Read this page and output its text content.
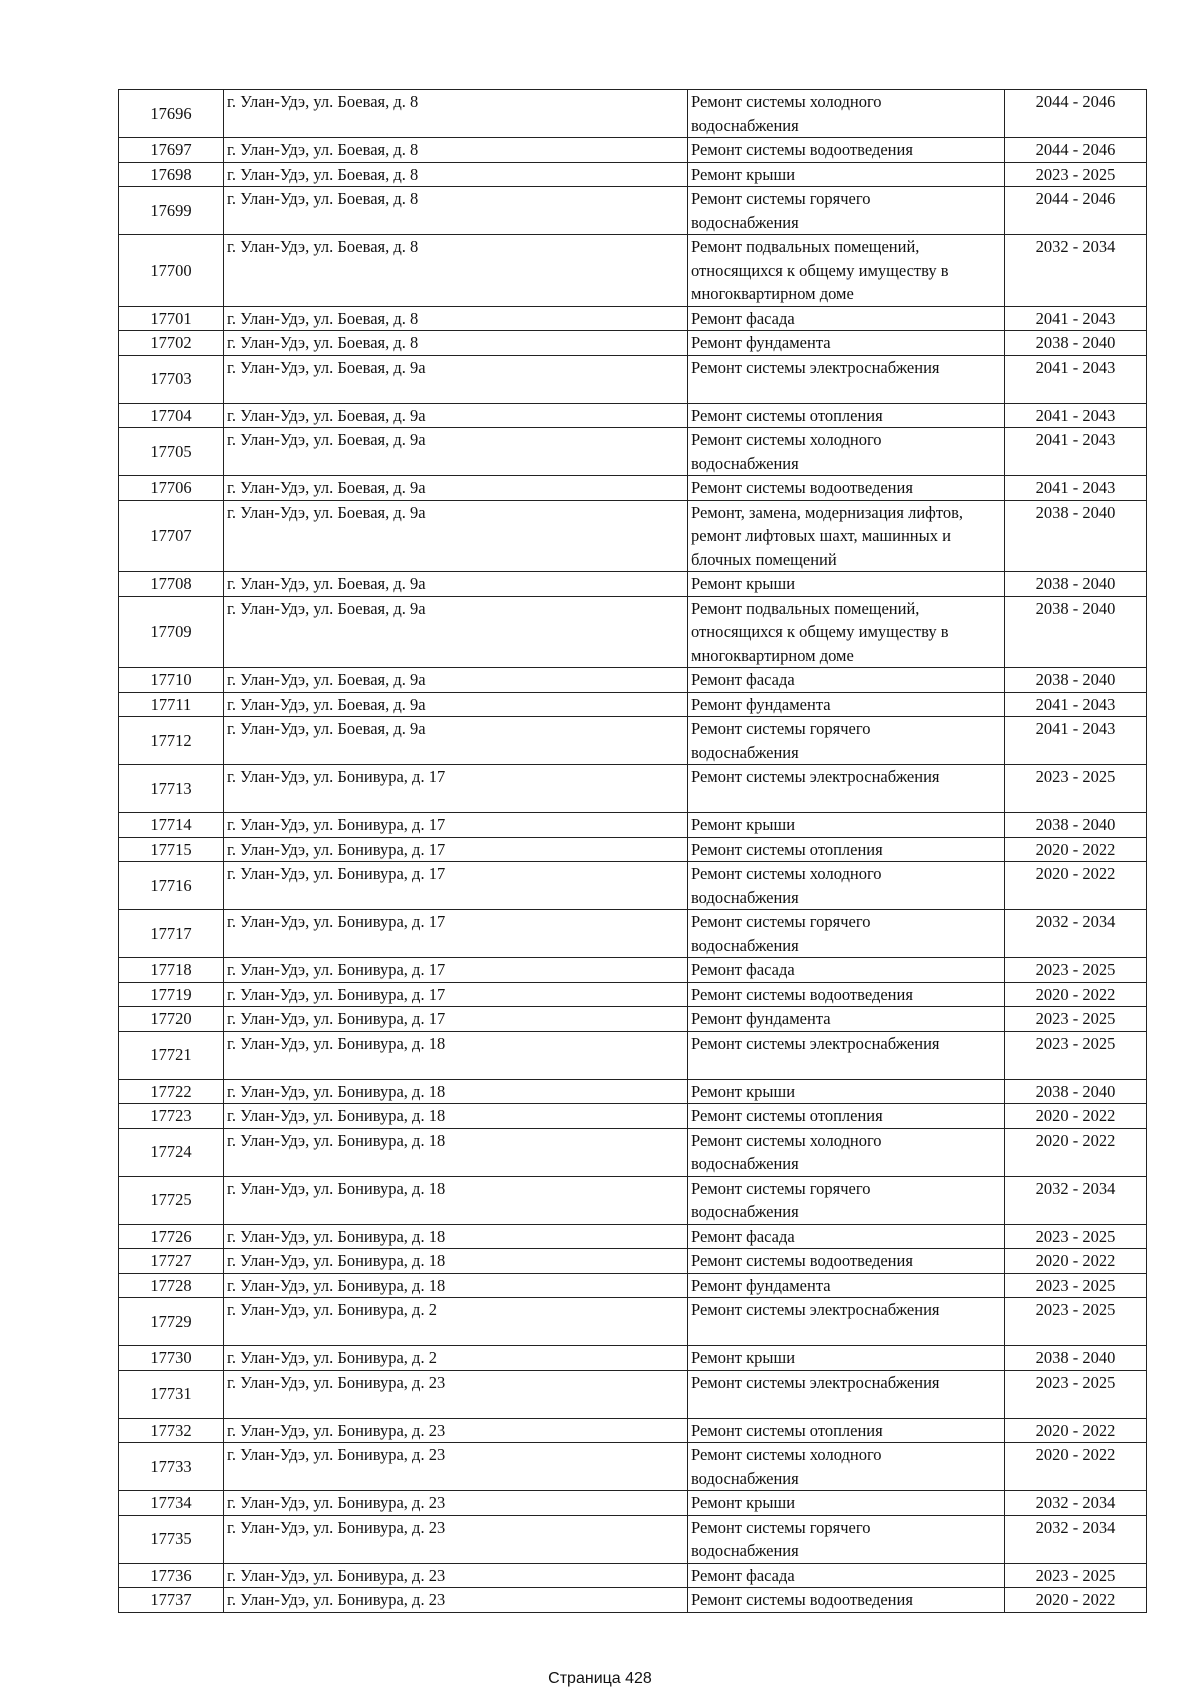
17696	г. Улан-Удэ, ул. Боевая, д. 8	Ремонт системы холодного
водоснабжения	2044 - 2046
17697	г. Улан-Удэ, ул. Боевая, д. 8	Ремонт системы водоотведения	2044 - 2046
17698	г. Улан-Удэ, ул. Боевая, д. 8	Ремонт крыши	2023 - 2025
17699	г. Улан-Удэ, ул. Боевая, д. 8	Ремонт системы горячего
водоснабжения	2044 - 2046
17700	г. Улан-Удэ, ул. Боевая, д. 8	Ремонт подвальных помещений,
относящихся к общему имуществу в
многоквартирном доме	2032 - 2034
17701	г. Улан-Удэ, ул. Боевая, д. 8	Ремонт фасада	2041 - 2043
17702	г. Улан-Удэ, ул. Боевая, д. 8	Ремонт фундамента	2038 - 2040
17703	г. Улан-Удэ, ул. Боевая, д. 9а	Ремонт системы электроснабжения	2041 - 2043
17704	г. Улан-Удэ, ул. Боевая, д. 9а	Ремонт системы отопления	2041 - 2043
17705	г. Улан-Удэ, ул. Боевая, д. 9а	Ремонт системы холодного
водоснабжения	2041 - 2043
17706	г. Улан-Удэ, ул. Боевая, д. 9а	Ремонт системы водоотведения	2041 - 2043
17707	г. Улан-Удэ, ул. Боевая, д. 9а	Ремонт, замена, модернизация лифтов,
ремонт лифтовых шахт, машинных и
блочных помещений	2038 - 2040
17708	г. Улан-Удэ, ул. Боевая, д. 9а	Ремонт крыши	2038 - 2040
17709	г. Улан-Удэ, ул. Боевая, д. 9а	Ремонт подвальных помещений,
относящихся к общему имуществу в
многоквартирном доме	2038 - 2040
17710	г. Улан-Удэ, ул. Боевая, д. 9а	Ремонт фасада	2038 - 2040
17711	г. Улан-Удэ, ул. Боевая, д. 9а	Ремонт фундамента	2041 - 2043
17712	г. Улан-Удэ, ул. Боевая, д. 9а	Ремонт системы горячего
водоснабжения	2041 - 2043
17713	г. Улан-Удэ, ул. Бонивура, д. 17	Ремонт системы электроснабжения	2023 - 2025
17714	г. Улан-Удэ, ул. Бонивура, д. 17	Ремонт крыши	2038 - 2040
17715	г. Улан-Удэ, ул. Бонивура, д. 17	Ремонт системы отопления	2020 - 2022
17716	г. Улан-Удэ, ул. Бонивура, д. 17	Ремонт системы холодного
водоснабжения	2020 - 2022
17717	г. Улан-Удэ, ул. Бонивура, д. 17	Ремонт системы горячего
водоснабжения	2032 - 2034
17718	г. Улан-Удэ, ул. Бонивура, д. 17	Ремонт фасада	2023 - 2025
17719	г. Улан-Удэ, ул. Бонивура, д. 17	Ремонт системы водоотведения	2020 - 2022
17720	г. Улан-Удэ, ул. Бонивура, д. 17	Ремонт фундамента	2023 - 2025
17721	г. Улан-Удэ, ул. Бонивура, д. 18	Ремонт системы электроснабжения	2023 - 2025
17722	г. Улан-Удэ, ул. Бонивура, д. 18	Ремонт крыши	2038 - 2040
17723	г. Улан-Удэ, ул. Бонивура, д. 18	Ремонт системы отопления	2020 - 2022
17724	г. Улан-Удэ, ул. Бонивура, д. 18	Ремонт системы холодного
водоснабжения	2020 - 2022
17725	г. Улан-Удэ, ул. Бонивура, д. 18	Ремонт системы горячего
водоснабжения	2032 - 2034
17726	г. Улан-Удэ, ул. Бонивура, д. 18	Ремонт фасада	2023 - 2025
17727	г. Улан-Удэ, ул. Бонивура, д. 18	Ремонт системы водоотведения	2020 - 2022
17728	г. Улан-Удэ, ул. Бонивура, д. 18	Ремонт фундамента	2023 - 2025
17729	г. Улан-Удэ, ул. Бонивура, д. 2	Ремонт системы электроснабжения	2023 - 2025
17730	г. Улан-Удэ, ул. Бонивура, д. 2	Ремонт крыши	2038 - 2040
17731	г. Улан-Удэ, ул. Бонивура, д. 23	Ремонт системы электроснабжения	2023 - 2025
17732	г. Улан-Удэ, ул. Бонивура, д. 23	Ремонт системы отопления	2020 - 2022
17733	г. Улан-Удэ, ул. Бонивура, д. 23	Ремонт системы холодного
водоснабжения	2020 - 2022
17734	г. Улан-Удэ, ул. Бонивура, д. 23	Ремонт крыши	2032 - 2034
17735	г. Улан-Удэ, ул. Бонивура, д. 23	Ремонт системы горячего
водоснабжения	2032 - 2034
17736	г. Улан-Удэ, ул. Бонивура, д. 23	Ремонт фасада	2023 - 2025
17737	г. Улан-Удэ, ул. Бонивура, д. 23	Ремонт системы водоотведения	2020 - 2022
Страница 428
